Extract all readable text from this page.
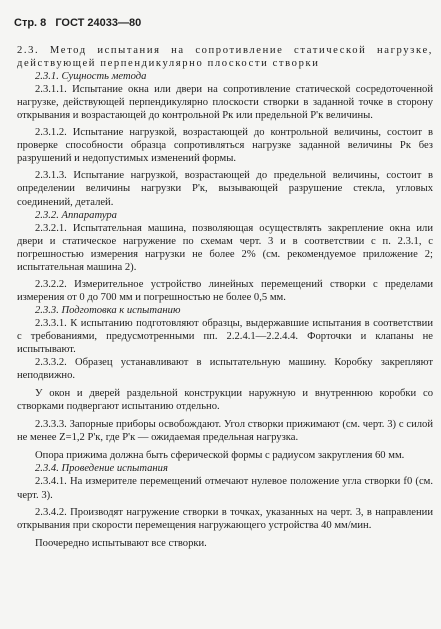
Стр. 8 ГОСТ 24033—80

2.3. Метод испытания на сопротивление статической нагрузке, действующей перпендикулярно плоскости створки

2.3.1. Сущность метода

2.3.1.1. Испытание окна или двери на сопротивление статической сосредоточенной нагрузке, действующей перпендикулярно плоскости створки в заданной точке в сторону открывания и возрастающей до контрольной Pк или предельной P'к величины.

2.3.1.2. Испытание нагрузкой, возрастающей до контрольной величины, состоит в проверке способности образца сопротивляться нагрузке заданной величины Pк без разрушений и недопустимых изменений формы.

2.3.1.3. Испытание нагрузкой, возрастающей до предельной величины, состоит в определении величины нагрузки P'к, вызывающей разрушение стекла, угловых соединений, деталей.

2.3.2. Аппаратура

2.3.2.1. Испытательная машина, позволяющая осуществлять закрепление окна или двери и статическое нагружение по схемам черт. 3 и в соответствии с п. 2.3.1, с погрешностью измерения нагрузки не более 2% (см. рекомендуемое приложение 2; испытательная машина 2).

2.3.2.2. Измерительное устройство линейных перемещений створки с пределами измерения от 0 до 700 мм и погрешностью не более 0,5 мм.

2.3.3. Подготовка к испытанию

2.3.3.1. К испытанию подготовляют образцы, выдержавшие испытания в соответствии с требованиями, предусмотренными пп. 2.2.4.1—2.2.4.4. Форточки и клапаны не испытывают.

2.3.3.2. Образец устанавливают в испытательную машину. Коробку закрепляют неподвижно.

У окон и дверей раздельной конструкции наружную и внутреннюю коробки со створками подвергают испытанию отдельно.

2.3.3.3. Запорные приборы освобождают. Угол створки прижимают (см. черт. 3) с силой не менее Z=1,2 P'к, где P'к — ожидаемая предельная нагрузка.

Опора прижима должна быть сферической формы с радиусом закругления 60 мм.

2.3.4. Проведение испытания

2.3.4.1. На измерителе перемещений отмечают нулевое положение угла створки f0 (см. черт. 3).

2.3.4.2. Производят нагружение створки в точках, указанных на черт. 3, в направлении открывания при скорости перемещения нагружающего устройства 40 мм/мин.

Поочередно испытывают все створки.
